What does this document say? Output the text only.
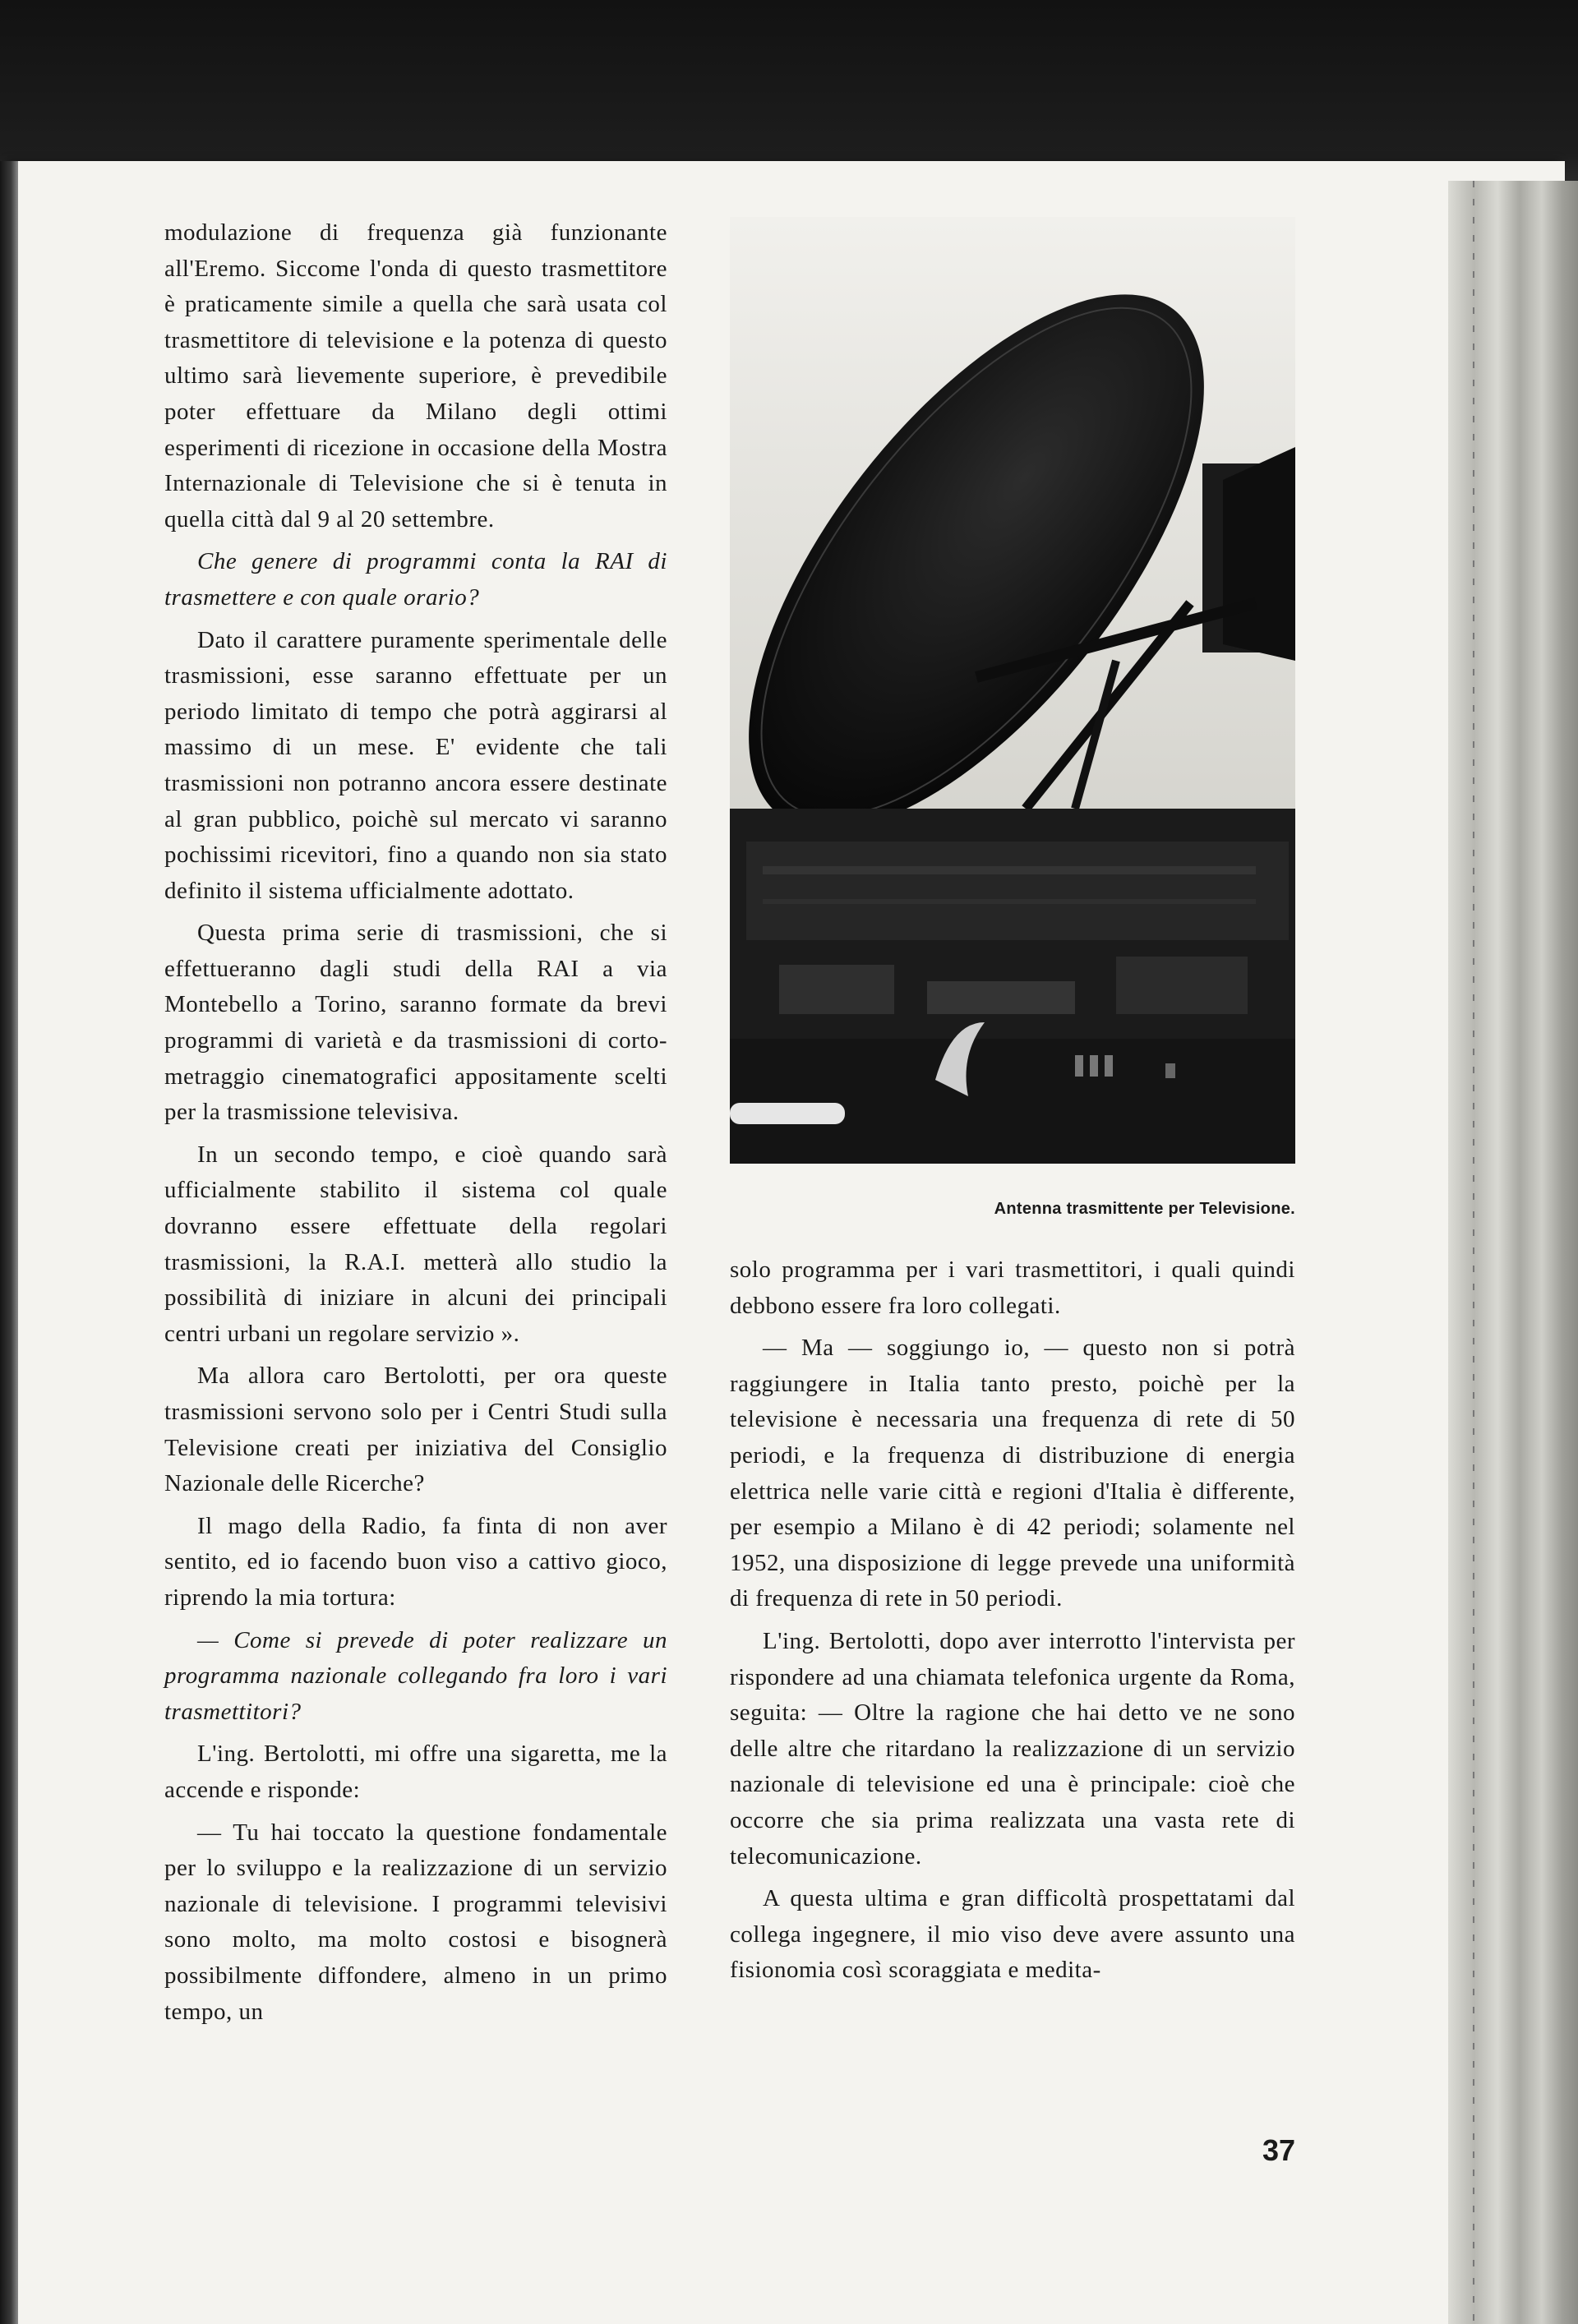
modulazione di frequenza già funzionante all'Eremo. Siccome l'onda di questo trasmettitore è praticamente simile a quella che sarà usata col trasmettitore di televisione e la potenza di questo ultimo sarà lievemente superiore, è prevedibile poter effettuare da Milano degli ottimi esperimenti di ricezione in occasione della Mostra Internazionale di Televisione che si è tenuta in quella città dal 9 al 20 settembre.

Che genere di programmi conta la RAI di trasmettere e con quale orario?

Dato il carattere puramente sperimentale delle trasmissioni, esse saranno effettuate per un periodo limitato di tempo che potrà aggirarsi al massimo di un mese. E' evidente che tali trasmissioni non potranno ancora essere destinate al gran pubblico, poichè sul mercato vi saranno pochissimi ricevitori, fino a quando non sia stato definito il sistema ufficialmente adottato.

Questa prima serie di trasmissioni, che si effettueranno dagli studi della RAI a via Montebello a Torino, saranno formate da brevi programmi di varietà e da trasmissioni di corto-metraggio cinematografici appositamente scelti per la trasmissione televisiva.

In un secondo tempo, e cioè quando sarà ufficialmente stabilito il sistema col quale dovranno essere effettuate della regolari trasmissioni, la R.A.I. metterà allo studio la possibilità di iniziare in alcuni dei principali centri urbani un regolare servizio ».

Ma allora caro Bertolotti, per ora queste trasmissioni servono solo per i Centri Studi sulla Televisione creati per iniziativa del Consiglio Nazionale delle Ricerche?

Il mago della Radio, fa finta di non aver sentito, ed io facendo buon viso a cattivo gioco, riprendo la mia tortura:

— Come si prevede di poter realizzare un programma nazionale collegando fra loro i vari trasmettitori?

L'ing. Bertolotti, mi offre una sigaretta, me la accende e risponde:

— Tu hai toccato la questione fondamentale per lo sviluppo e la realizzazione di un servizio nazionale di televisione. I programmi televisivi sono molto, ma molto costosi e bisognerà possibilmente diffondere, almeno in un primo tempo, un

Antenna trasmittente per Televisione.

solo programma per i vari trasmettitori, i quali quindi debbono essere fra loro collegati.

— Ma — soggiungo io, — questo non si potrà raggiungere in Italia tanto presto, poichè per la televisione è necessaria una frequenza di rete di 50 periodi, e la frequenza di distribuzione di energia elettrica nelle varie città e regioni d'Italia è differente, per esempio a Milano è di 42 periodi; solamente nel 1952, una disposizione di legge prevede una uniformità di frequenza di rete in 50 periodi.

L'ing. Bertolotti, dopo aver interrotto l'intervista per rispondere ad una chiamata telefonica urgente da Roma, seguita: — Oltre la ragione che hai detto ve ne sono delle altre che ritardano la realizzazione di un servizio nazionale di televisione ed una è principale: cioè che occorre che sia prima realizzata una vasta rete di telecomunicazione.

A questa ultima e gran difficoltà prospettatami dal collega ingegnere, il mio viso deve avere assunto una fisionomia così scoraggiata e medita-

37
